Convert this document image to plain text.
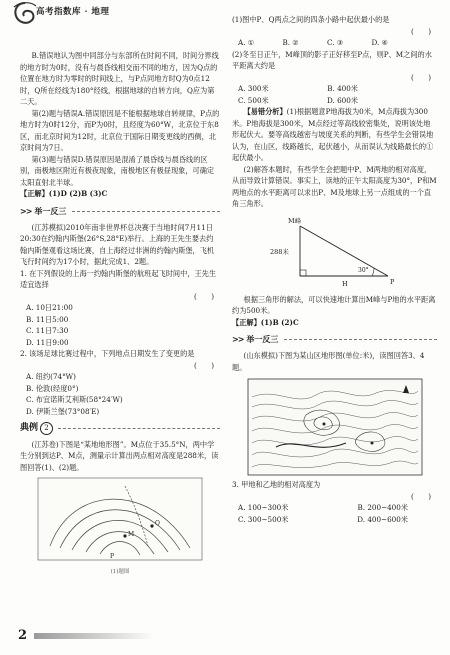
高考指数库 · 地理

B.错误地认为图中同部分与东部所在时间不同，时间分界线的地方时为0时，没有与晨昏线相交而不同的地方，因为Q点的位置在地方时为零时的时间线上，与P点同地方时Q为0点12时，Q所在经线为180°经线，根据地球的自转方向，Q应为第二天。

第(2)题与错误A.错误原因是不能根据地球自转规律，P点的地方时为0时12分，而P为0时，且经度为60°W，北京位于东8区，而北京时间为12时，北京位于国际日期变更线的西侧，北京时间为7日。

第(3)题与错误D.错误原因是混淆了晨昏线与晨昏线的区别，南极地区附近有极夜现象，南极地区有极昼现象，可确定太阳直射北半球。

【正解】(1)D (2)B (3)C

>> 举一反三

(江苏模拟)2010年南非世界杯总决赛于当地时间7月11日20:30在约翰内斯堡(26°S,28°E)举行。上海的王先生要去约翰内斯堡观看这场比赛，自上海经过非洲的约翰内斯堡，飞机飞行时间约为17小时，据此完成1、2题。

1. 在下列假设的上海一约翰内斯堡的航班起飞时间中，王先生适宜选择

(　　)

A. 10日21:00

B. 11日5:00

C. 11日7:30

D. 11日9:00

2. 该场足球比赛过程中，下列地点日期发生了变更的是

(　　)

A. 纽约(74°W)

B. 伦敦(经度0°)

C. 布宜诺斯艾利斯(58°24′W)

D. 伊斯兰堡(73°08′E)

典例 2

(江苏卷)下图是“某地地形图”。M点位于35.5°N，两中学生分别到达P、M点，测量示计算出两点相对高度是288米，读图回答(1)、(2)题。

Q
M
P

(1)题图

(1)图中P、Q两点之间的四条小路中起伏最小的是

(　　)

A. ①	B. ②	C. ③	D. ④

(2)冬至日正午，M峰顶的影子正好移至P点，则P、M之间的水平距离大约是

(　　)

A. 300米	B. 400米
C. 500米	D. 600米

【易错分析】(1)根据题意P地海拔为0米，M点海拔为300米。P地海拔是300米，M点经过等高线较密集处，说明该处地形起伏大。要等高线越密与坡度关系的判断，有些学生会错误地认为，在山区，线路越长，起伏越小，从而误认为线路最长的①起伏最小。

(2)解答本题时，有些学生会把题中P、M两地的相对高度，从而导致计算错误。事实上，读地的正午太阳高度为30°，P和M两地点的水平距离可以求出P、M及地球上另一点组成的一个直角三角形。

M峰
P
H
288米
30°

根据三角形的解法，可以快速地计算出M峰与P地的水平距离约为500米。

【正解】(1)B (2)C

>> 举一反三

(山东模拟)下图为某山区地形图(单位:米)，读图回答3、4题。

3. 甲地和乙地的相对高度为

(　　)

A. 100~300米	B. 200~400米
C. 300~500米	D. 400~600米
2
